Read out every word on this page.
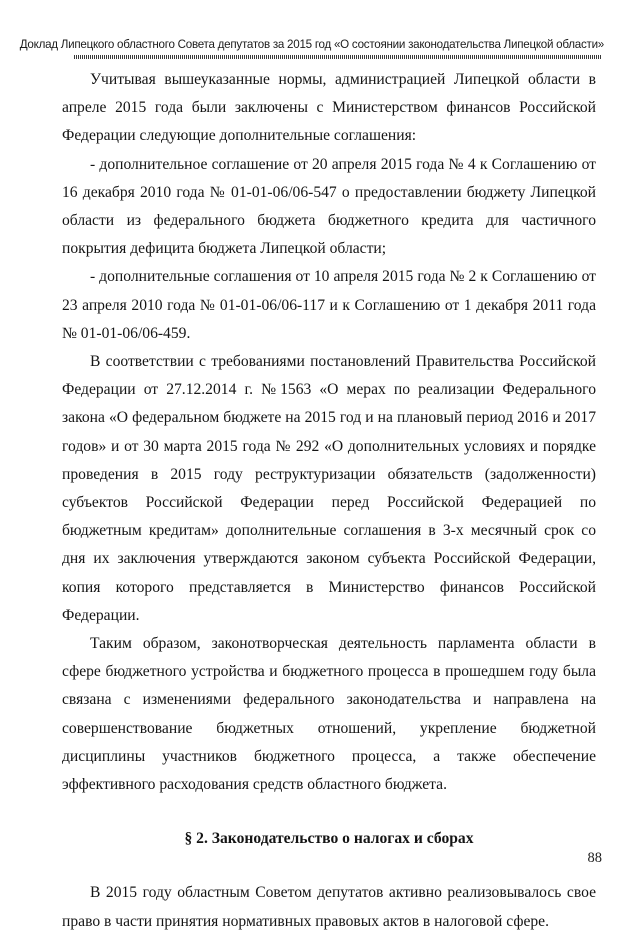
Доклад Липецкого областного Совета депутатов за 2015 год «О состоянии законодательства Липецкой области»

Учитывая вышеуказанные нормы, администрацией Липецкой области в апреле 2015 года были заключены с Министерством финансов Российской Федерации следующие дополнительные соглашения:

- дополнительное соглашение от 20 апреля 2015 года № 4 к Соглашению от 16 декабря 2010 года № 01-01-06/06-547 о предоставлении бюджету Липецкой области из федерального бюджета бюджетного кредита для частичного покрытия дефицита бюджета Липецкой области;

- дополнительные соглашения от 10 апреля 2015 года № 2 к Соглашению от 23 апреля 2010 года № 01-01-06/06-117 и к Соглашению от 1 декабря 2011 года № 01-01-06/06-459.

В соответствии с требованиями постановлений Правительства Российской Федерации от 27.12.2014 г. №1563 «О мерах по реализации Федерального закона «О федеральном бюджете на 2015 год и на плановый период 2016 и 2017 годов» и от 30 марта 2015 года № 292 «О дополнительных условиях и порядке проведения в 2015 году реструктуризации обязательств (задолженности) субъектов Российской Федерации перед Российской Федерацией по бюджетным кредитам» дополнительные соглашения в 3-х месячный срок со дня их заключения утверждаются законом субъекта Российской Федерации, копия которого представляется в Министерство финансов Российской Федерации.

Таким образом, законотворческая деятельность парламента области в сфере бюджетного устройства и бюджетного процесса в прошедшем году была связана с изменениями федерального законодательства и направлена на совершенствование бюджетных отношений, укрепление бюджетной дисциплины участников бюджетного процесса, а также обеспечение эффективного расходования средств областного бюджета.

§ 2. Законодательство о налогах и сборах

В 2015 году областным Советом депутатов активно реализовывалось свое право в части принятия нормативных правовых актов в налоговой сфере.

88
